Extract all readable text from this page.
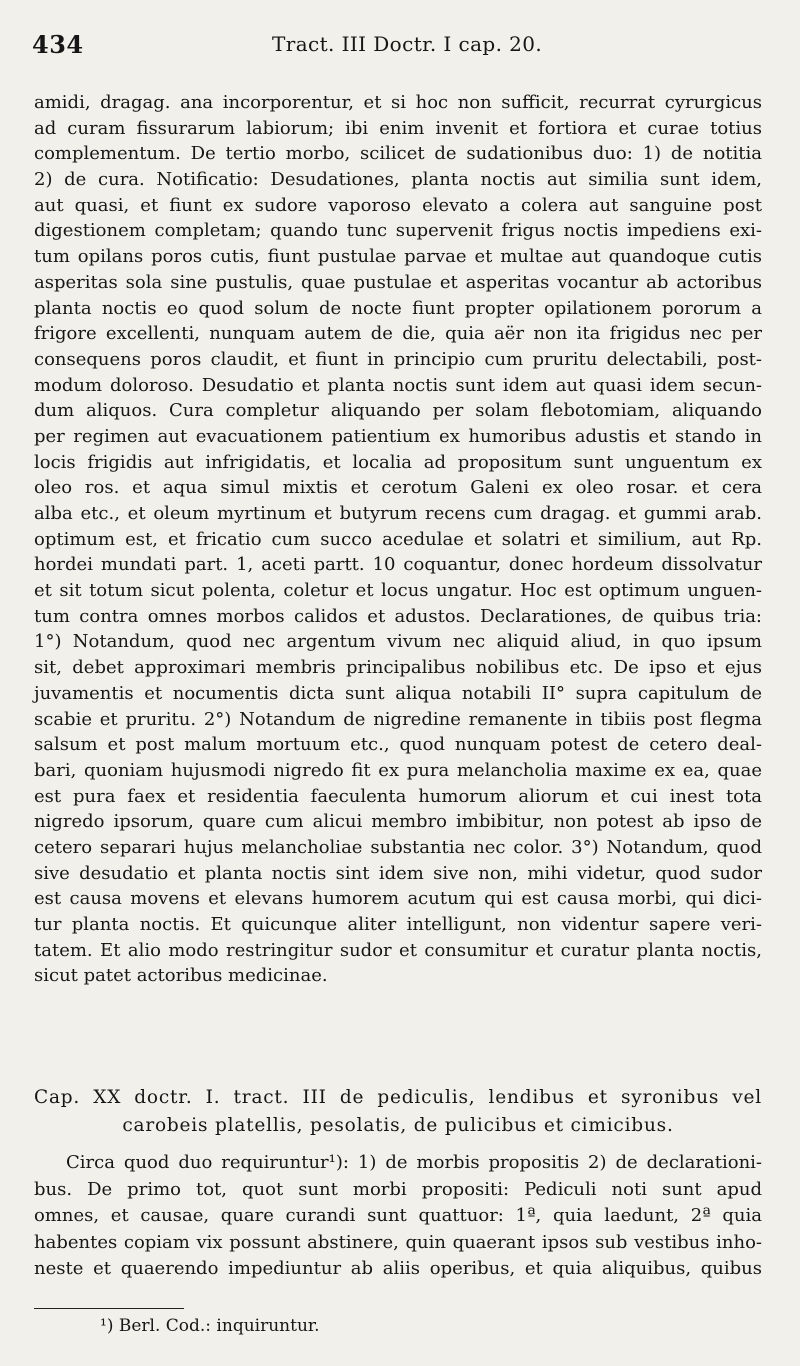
434	Tract. III Doctr. I cap. 20.
amidi, dragag. ana incorporentur, et si hoc non sufficit, recurrat cyrurgicus
ad curam fissurarum labiorum; ibi enim invenit et fortiora et curae totius
complementum. De tertio morbo, scilicet de sudationibus duo: 1) de notitia
2) de cura. Notificatio: Desudationes, planta noctis aut similia sunt idem,
aut quasi, et fiunt ex sudore vaporoso elevato a colera aut sanguine post
digestionem completam; quando tunc supervenit frigus noctis impediens exi-
tum opilans poros cutis, fiunt pustulae parvae et multae aut quandoque cutis
asperitas sola sine pustulis, quae pustulae et asperitas vocantur ab actoribus
planta noctis eo quod solum de nocte fiunt propter opilationem pororum a
frigore excellenti, nunquam autem de die, quia aër non ita frigidus nec per
consequens poros claudit, et fiunt in principio cum pruritu delectabili, post-
modum doloroso. Desudatio et planta noctis sunt idem aut quasi idem secun-
dum aliquos. Cura completur aliquando per solam flebotomiam, aliquando
per regimen aut evacuationem patientium ex humoribus adustis et stando in
locis frigidis aut infrigidatis, et localia ad propositum sunt unguentum ex
oleo ros. et aqua simul mixtis et cerotum Galeni ex oleo rosar. et cera
alba etc., et oleum myrtinum et butyrum recens cum dragag. et gummi arab.
optimum est, et fricatio cum succo acedulae et solatri et similium, aut Rp.
hordei mundati part. 1, aceti partt. 10 coquantur, donec hordeum dissolvatur
et sit totum sicut polenta, coletur et locus ungatur. Hoc est optimum unguen-
tum contra omnes morbos calidos et adustos. Declarationes, de quibus tria:
1°) Notandum, quod nec argentum vivum nec aliquid aliud, in quo ipsum
sit, debet approximari membris principalibus nobilibus etc. De ipso et ejus
juvamentis et nocumentis dicta sunt aliqua notabili II° supra capitulum de
scabie et pruritu. 2°) Notandum de nigredine remanente in tibiis post flegma
salsum et post malum mortuum etc., quod nunquam potest de cetero deal-
bari, quoniam hujusmodi nigredo fit ex pura melancholia maxime ex ea, quae
est pura faex et residentia faeculenta humorum aliorum et cui inest tota
nigredo ipsorum, quare cum alicui membro imbibitur, non potest ab ipso de
cetero separari hujus melancholiae substantia nec color. 3°) Notandum, quod
sive desudatio et planta noctis sint idem sive non, mihi videtur, quod sudor
est causa movens et elevans humorem acutum qui est causa morbi, qui dici-
tur planta noctis. Et quicunque aliter intelligunt, non videntur sapere veri-
tatem. Et alio modo restringitur sudor et consumitur et curatur planta noctis,
sicut patet actoribus medicinae.
Cap. XX doctr. I. tract. III de pediculis, lendibus et syronibus vel
carobeis platellis, pesolatis, de pulicibus et cimicibus.
Circa quod duo requiruntur¹): 1) de morbis propositis 2) de declarationi-
bus. De primo tot, quot sunt morbi propositi: Pediculi noti sunt apud
omnes, et causae, quare curandi sunt quattuor: 1ª, quia laedunt, 2ª quia
habentes copiam vix possunt abstinere, quin quaerant ipsos sub vestibus inho-
neste et quaerendo impediuntur ab aliis operibus, et quia aliquibus, quibus
¹) Berl. Cod.: inquiruntur.
